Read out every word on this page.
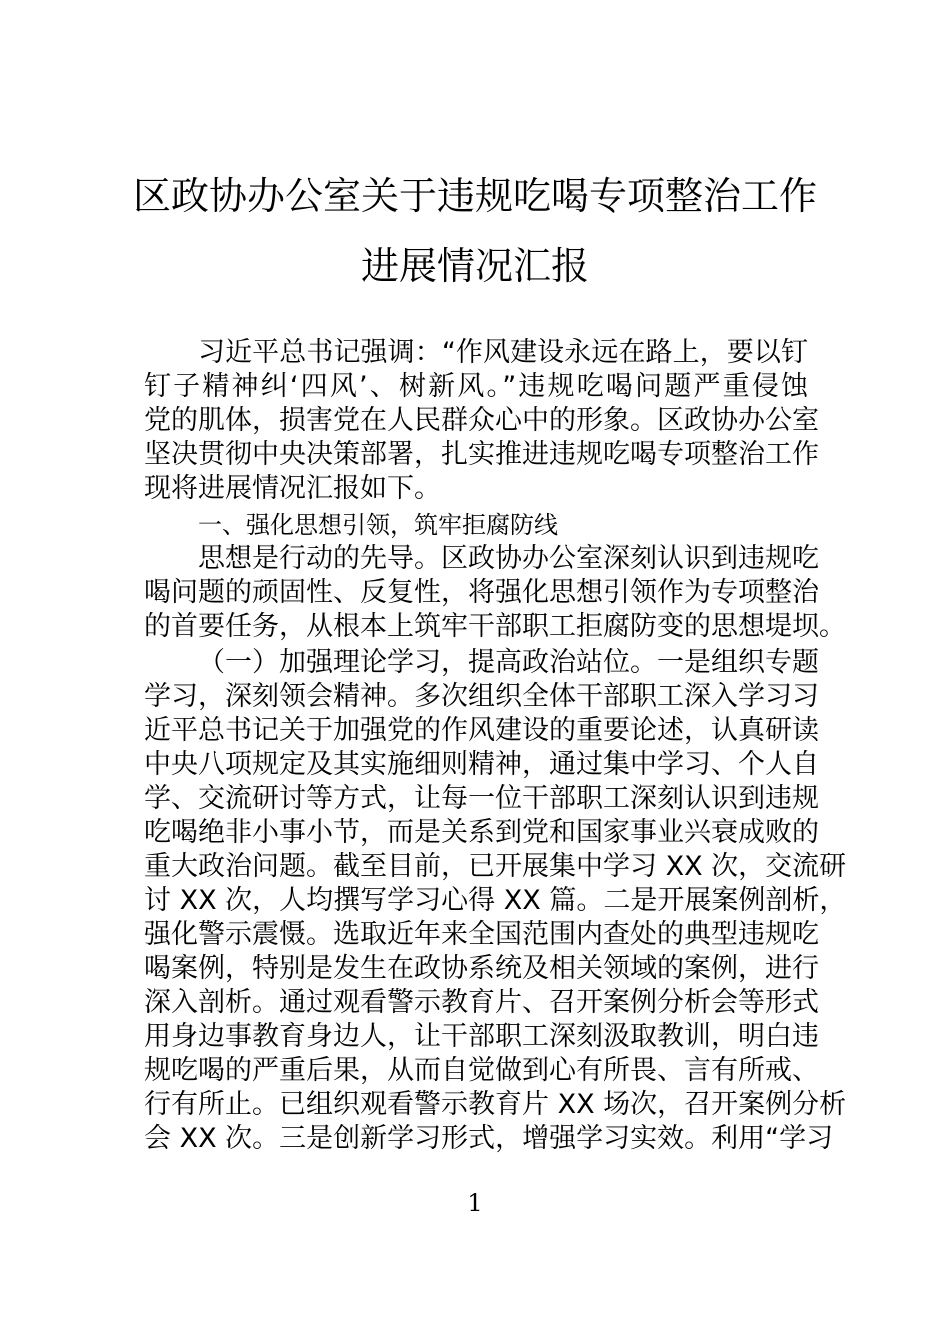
区政协办公室关于违规吃喝专项整治工作
进展情况汇报
习近平总书记强调：“作风建设永远在路上，要以钉
钉子精神纠‘四风’、树新风。”违规吃喝问题严重侵蚀
党的肌体，损害党在人民群众心中的形象。区政协办公室
坚决贯彻中央决策部署，扎实推进违规吃喝专项整治工作
现将进展情况汇报如下。
一、强化思想引领，筑牢拒腐防线
思想是行动的先导。区政协办公室深刻认识到违规吃
喝问题的顽固性、反复性，将强化思想引领作为专项整治
的首要任务，从根本上筑牢干部职工拒腐防变的思想堤坝。
（一）加强理论学习，提高政治站位。一是组织专题
学习，深刻领会精神。多次组织全体干部职工深入学习习
近平总书记关于加强党的作风建设的重要论述，认真研读
中央八项规定及其实施细则精神，通过集中学习、个人自
学、交流研讨等方式，让每一位干部职工深刻认识到违规
吃喝绝非小事小节，而是关系到党和国家事业兴衰成败的
重大政治问题。截至目前，已开展集中学习 XX 次，交流研
讨 XX 次，人均撰写学习心得 XX 篇。二是开展案例剖析，
强化警示震慑。选取近年来全国范围内查处的典型违规吃
喝案例，特别是发生在政协系统及相关领域的案例，进行
深入剖析。通过观看警示教育片、召开案例分析会等形式
用身边事教育身边人，让干部职工深刻汲取教训，明白违
规吃喝的严重后果，从而自觉做到心有所畏、言有所戒、
行有所止。已组织观看警示教育片 XX 场次，召开案例分析
会 XX 次。三是创新学习形式，增强学习实效。利用“学习
1
